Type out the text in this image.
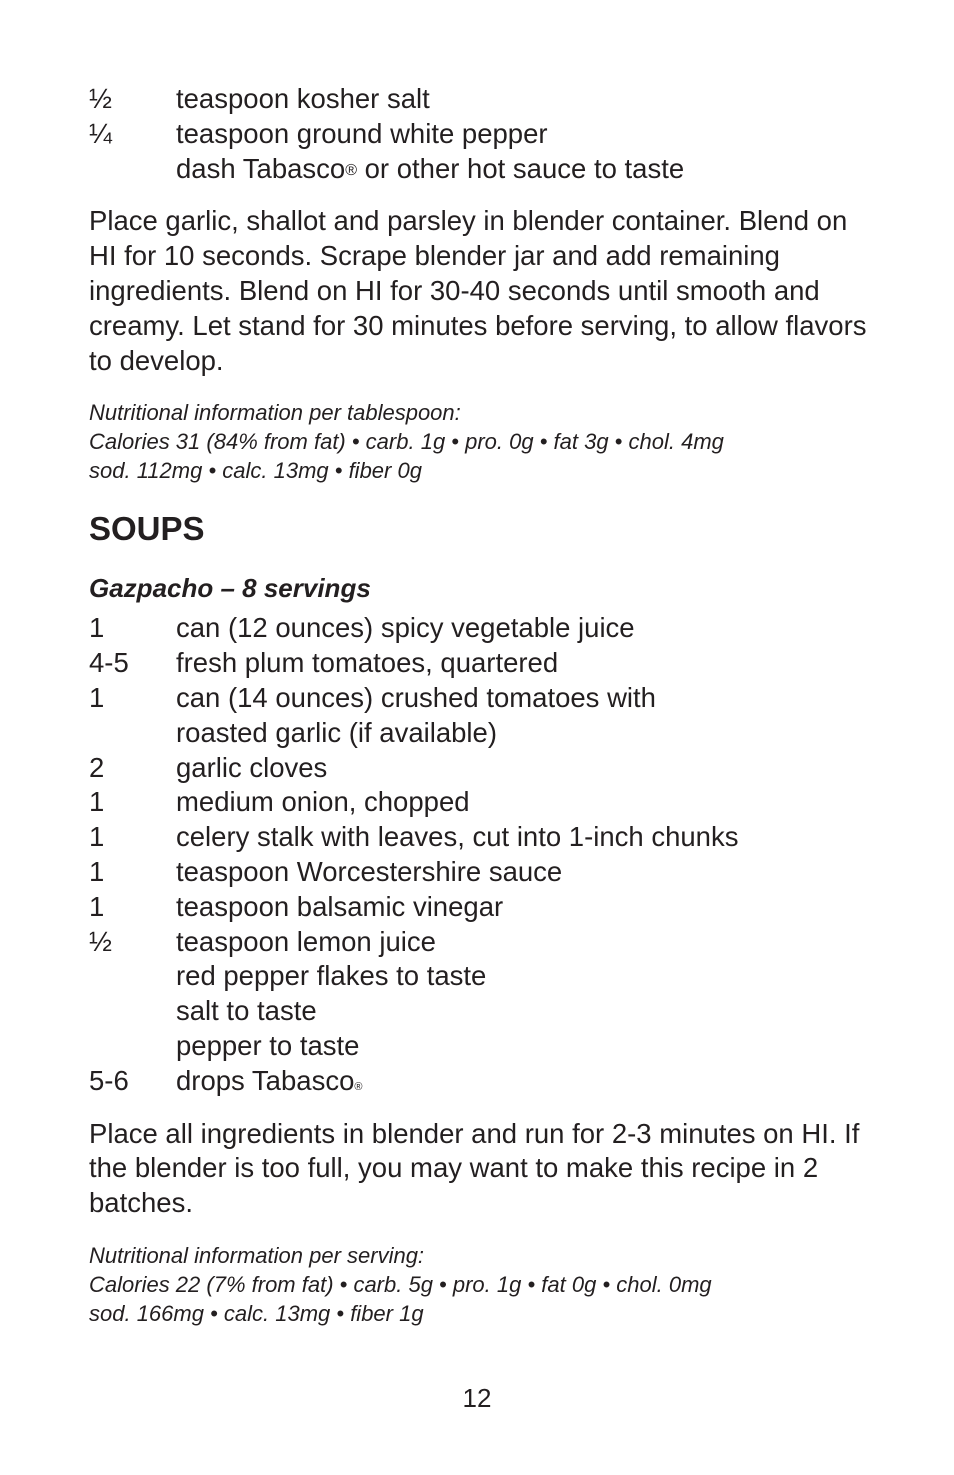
½	teaspoon kosher salt
¼	teaspoon ground white pepper
dash Tabasco® or other hot sauce to taste

Place garlic, shallot and parsley in blender container. Blend on HI for 10 seconds. Scrape blender jar and add remaining ingredients. Blend on HI for 30-40 seconds until smooth and creamy. Let stand for 30 minutes before serving, to allow flavors to develop.

Nutritional information per tablespoon:
Calories 31 (84% from fat) • carb. 1g • pro. 0g • fat 3g • chol. 4mg
sod. 112mg • calc. 13mg • fiber 0g
SOUPS
Gazpacho – 8 servings
1	can (12 ounces) spicy vegetable juice
4-5	fresh plum tomatoes, quartered
1	can (14 ounces) crushed tomatoes with
roasted garlic (if available)
2	garlic cloves
1	medium onion, chopped
1	celery stalk with leaves, cut into 1-inch chunks
1	teaspoon Worcestershire sauce
1	teaspoon balsamic vinegar
½	teaspoon lemon juice
red pepper flakes to taste
salt to taste
pepper to taste
5-6	drops Tabasco®

Place all ingredients in blender and run for 2-3 minutes on HI. If the blender is too full, you may want to make this recipe in 2 batches.

Nutritional information per serving:
Calories 22 (7% from fat) • carb. 5g • pro. 1g • fat 0g • chol. 0mg
sod. 166mg • calc. 13mg • fiber 1g
12
